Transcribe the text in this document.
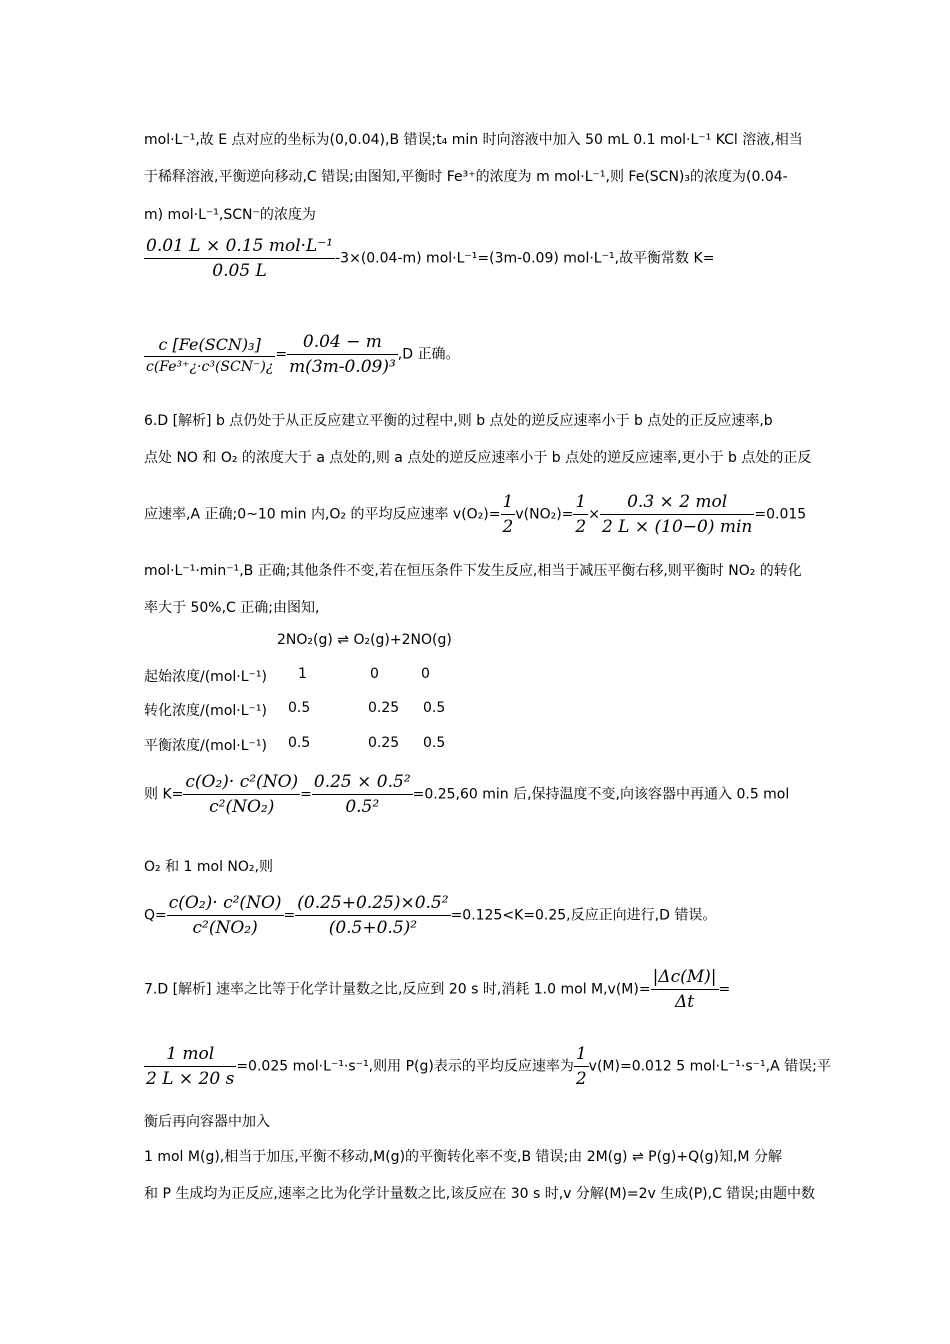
mol·L⁻¹,故 E 点对应的坐标为(0,0.04),B 错误;t₄ min 时向溶液中加入 50 mL 0.1 mol·L⁻¹ KCl 溶液,相当
于稀释溶液,平衡逆向移动,C 错误;由图知,平衡时 Fe³⁺的浓度为 m mol·L⁻¹,则 Fe(SCN)₃的浓度为(0.04-
m) mol·L⁻¹,SCN⁻的浓度为
0.01 L × 0.15 mol·L⁻¹
0.05 L
-3×(0.04-m) mol·L⁻¹=(3m-0.09) mol·L⁻¹,故平衡常数 K=
c [Fe(SCN)₃]
c(Fe³⁺¿·c³(SCN⁻)¿
= $\frac{0.04 - m}{\text{m(3m-0.09)³}} ,D$ 正确。
6.D [解析] b 点仍处于从正反应建立平衡的过程中,则 b 点处的逆反应速率小于 b 点处的正反应速率,b
点处 NO 和 O₂ 的浓度大于 a 点处的,则 a 点处的逆反应速率小于 b 点处的逆反应速率,更小于 b 点处的正反
应速率,A 正确;0~10 min 内,O₂ 的平均反应速率 $v(O_2)= \frac{1}{2} v(NO_2)= \frac{1}{2}$ ×
0.3 × 2 mol
2 L × (10−0) min
=0.015
mol·L⁻¹·min⁻¹,B 正确;其他条件不变,若在恒压条件下发生反应,相当于减压平衡右移,则平衡时 NO₂ 的转化
率大于 50%,C 正确;由图知,
2NO₂(g) ⇌ O₂(g)+2NO(g)
起始浓度/(mol·L⁻¹) 1	0	0
转化浓度/(mol·L⁻¹) 0.5	0.25 0.5
平衡浓度/(mol·L⁻¹) 0.5	0.25 0.5
则 $K= \frac{\text{c(O₂)· c²(NO)}}{\text{c²(NO₂)}} = \frac{\text{0.25 × 0.5²}}{\text{0.5²}} =0.25,60$ min 后,保持温度不变,向该容器中再通入 0.5 mol
O₂ 和 1 mol NO₂,则
$Q= \frac{\text{c(O₂)· c²(NO)}}{\text{c²(NO₂)}} = \frac{\text{(0.25+0.25)×0.5²}}{\text{(0.5+0.5)²}} =0.125<K=0.25$,反应正向进行,D 错误。
7.D [解析] 速率之比等于化学计量数之比,反应到 20 s 时,消耗 1.0 mol $M,v(M)= \frac{|\Delta c(M)|}{\Delta t}$ =
1 mol
2 L × 20 s
=0.025 mol·L⁻¹·s⁻¹,则用 P(g)表示的平均反应速率为 $\frac{1}{2} v(M)=0.012$ 5 mol·L⁻¹·s⁻¹,A 错误;平
衡后再向容器中加入
1 mol M(g),相当于加压,平衡不移动,M(g)的平衡转化率不变,B 错误;由 2M(g) ⇌ P(g)+Q(g)知,M 分解
和 P 生成均为正反应,速率之比为化学计量数之比,该反应在 30 s 时,v 分解(M)=2v 生成(P),C 错误;由题中数
